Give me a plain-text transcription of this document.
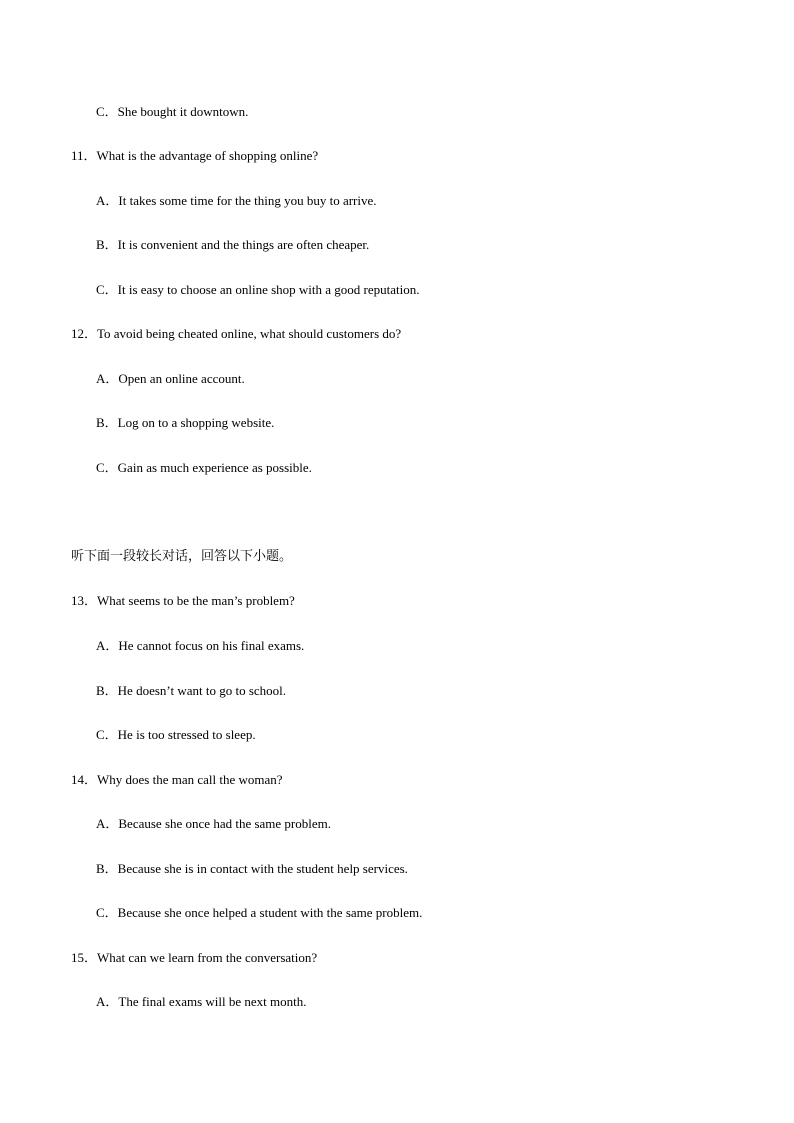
C．She bought it downtown.
11．What is the advantage of shopping online?
A．It takes some time for the thing you buy to arrive.
B．It is convenient and the things are often cheaper.
C．It is easy to choose an online shop with a good reputation.
12．To avoid being cheated online, what should customers do?
A．Open an online account.
B．Log on to a shopping website.
C．Gain as much experience as possible.
听下面一段较长对话，回答以下小题。
13．What seems to be the man’s problem?
A．He cannot focus on his final exams.
B．He doesn’t want to go to school.
C．He is too stressed to sleep.
14．Why does the man call the woman?
A．Because she once had the same problem.
B．Because she is in contact with the student help services.
C．Because she once helped a student with the same problem.
15．What can we learn from the conversation?
A．The final exams will be next month.
